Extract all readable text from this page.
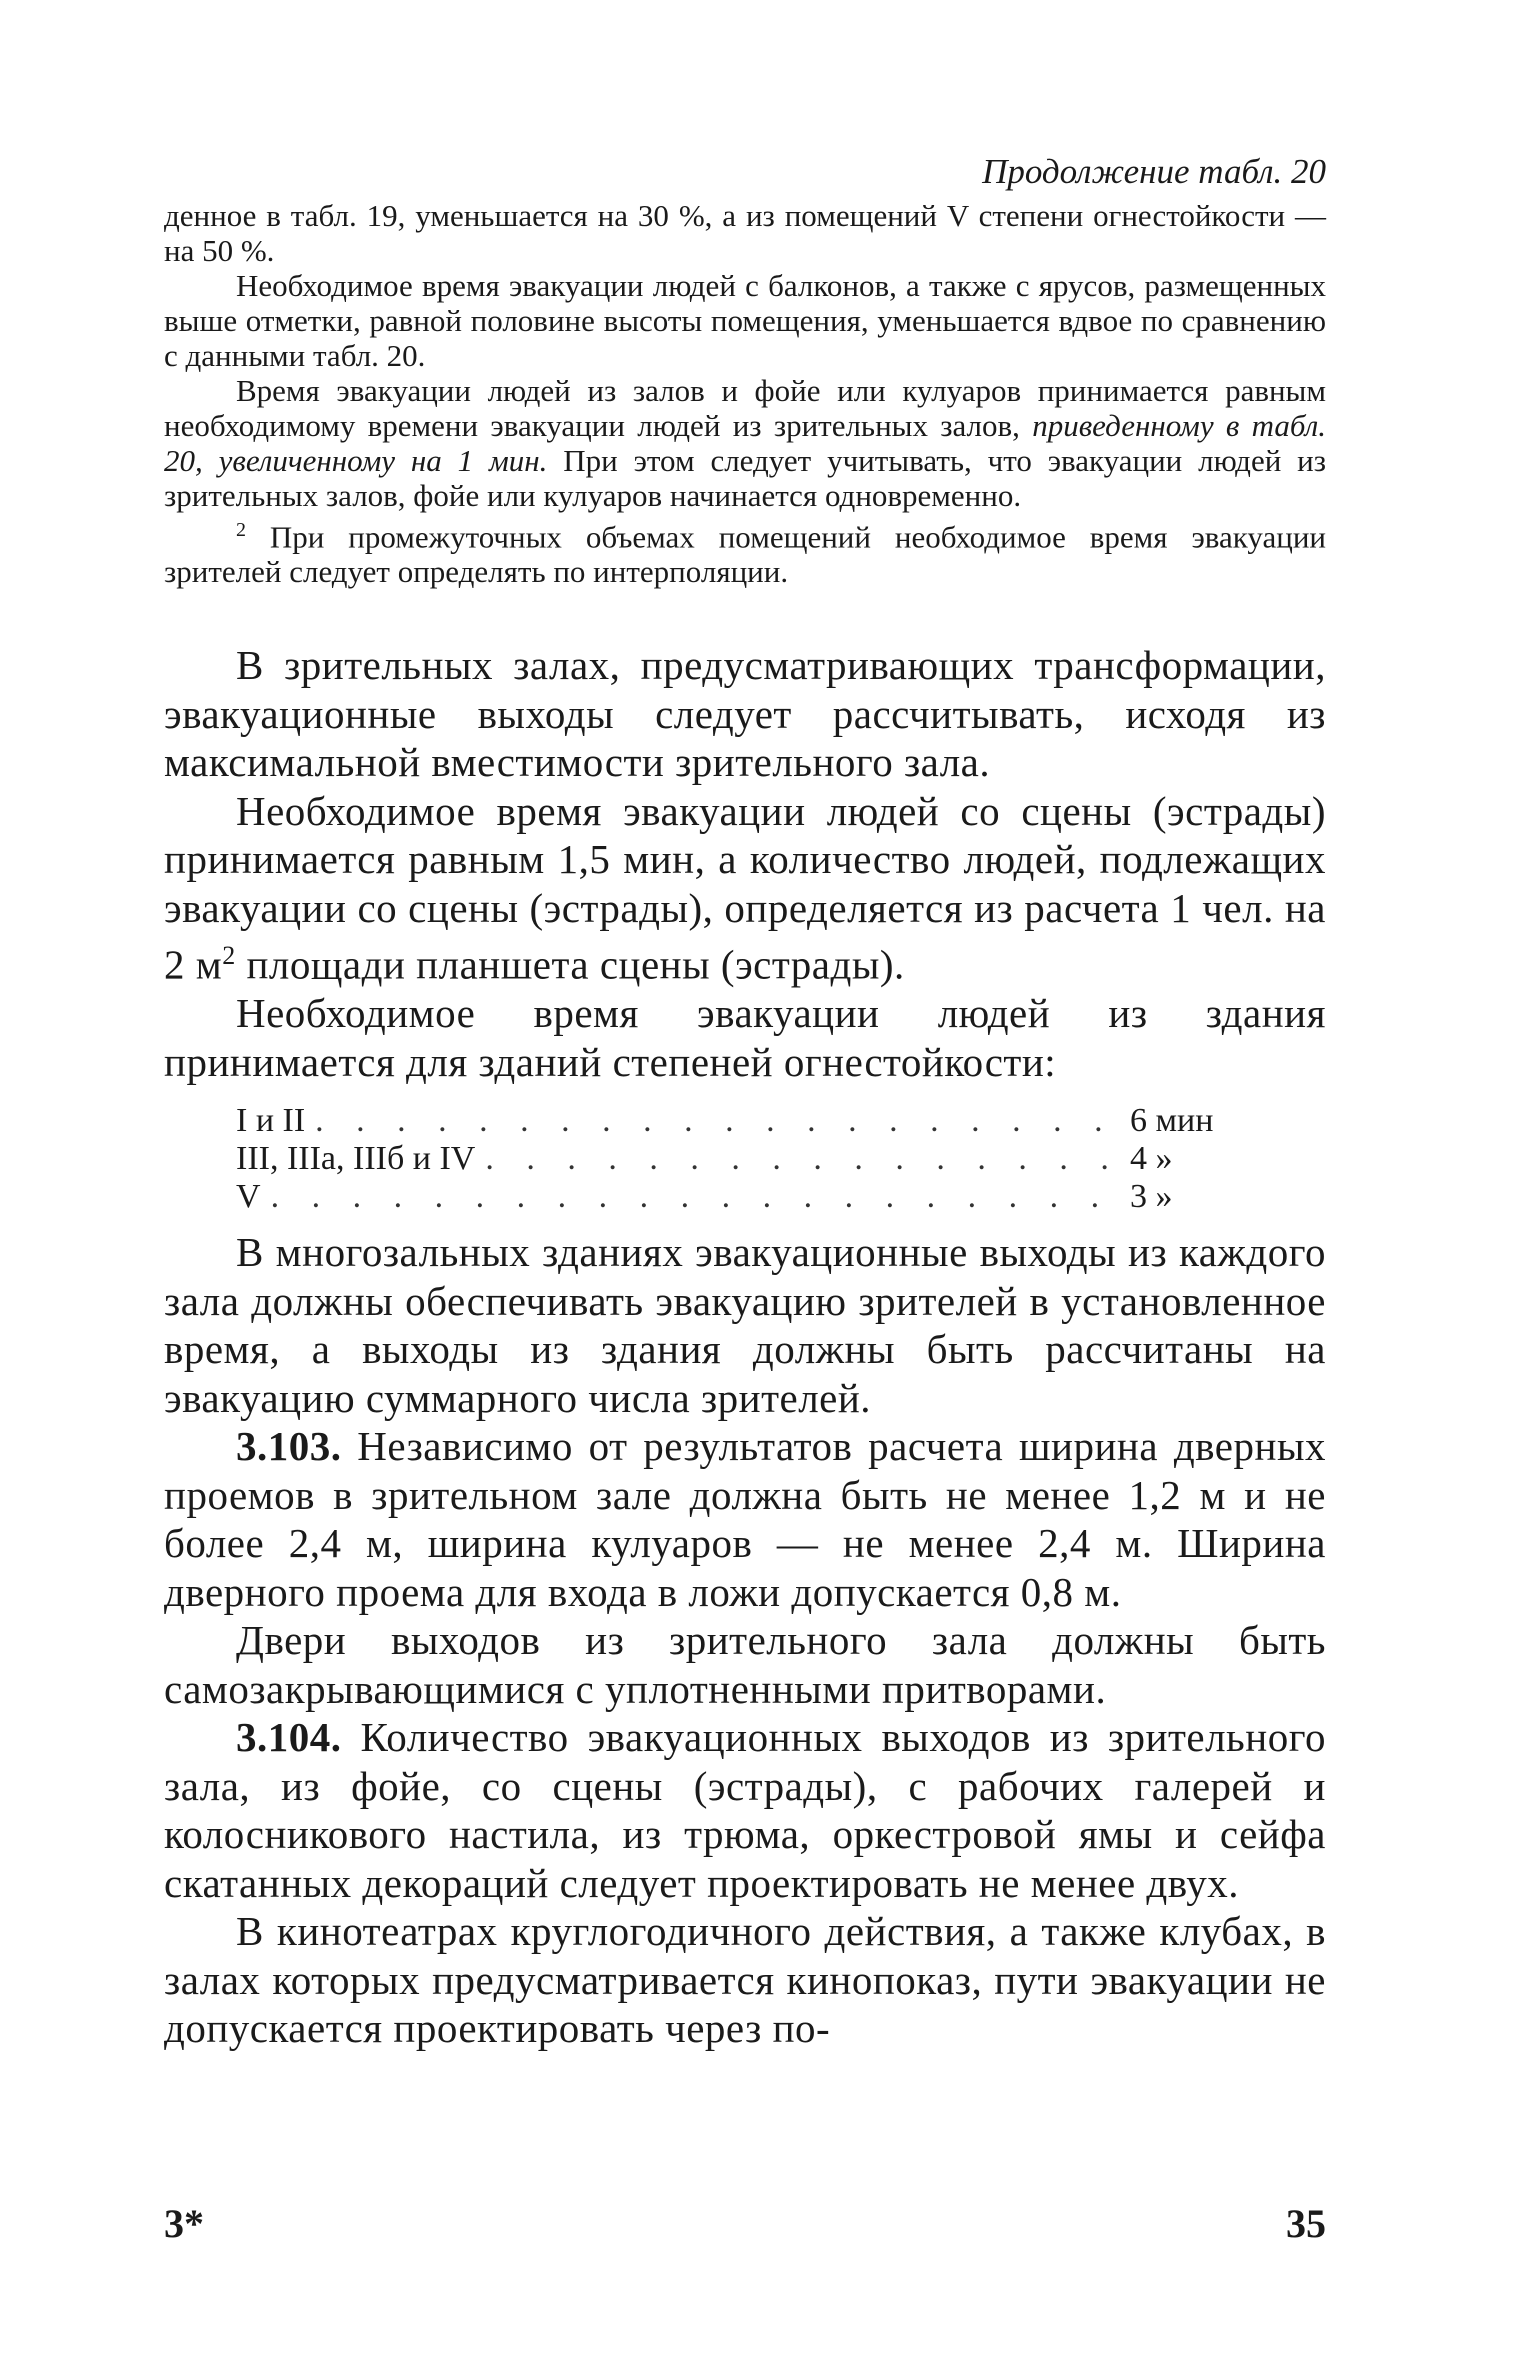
Продолжение табл. 20

денное в табл. 19, уменьшается на 30 %, а из помещений V степени огнестойкости — на 50 %.

Необходимое время эвакуации людей с балконов, а также с ярусов, размещенных выше отметки, равной половине высоты помещения, уменьшается вдвое по сравнению с данными табл. 20.

Время эвакуации людей из залов и фойе или кулуаров принимается равным необходимому времени эвакуации людей из зрительных залов, приведенному в табл. 20, увеличенному на 1 мин. При этом следует учитывать, что эвакуации людей из зрительных залов, фойе или кулуаров начинается одновременно.

$^2$ При промежуточных объемах помещений необходимое время эвакуации зрителей следует определять по интерполяции.

В зрительных залах, предусматривающих трансформации, эвакуационные выходы следует рассчитывать, исходя из максимальной вместимости зрительного зала.

Необходимое время эвакуации людей со сцены (эстрады) принимается равным 1,5 мин, а количество людей, подлежащих эвакуации со сцены (эстрады), определяется из расчета 1 чел. на 2 $м^2$ площади планшета сцены (эстрады).

Необходимое время эвакуации людей из здания принимается для зданий степеней огнестойкости:

I и II . . .	6 мин
III, IIIа, IIIб и IV . . .	4 »
V . . .	3 »

В многозальных зданиях эвакуационные выходы из каждого зала должны обеспечивать эвакуацию зрителей в установленное время, а выходы из здания должны быть рассчитаны на эвакуацию суммарного числа зрителей.

3.103. Независимо от результатов расчета ширина дверных проемов в зрительном зале должна быть не менее 1,2 м и не более 2,4 м, ширина кулуаров — не менее 2,4 м. Ширина дверного проема для входа в ложи допускается 0,8 м.

Двери выходов из зрительного зала должны быть самозакрывающимися с уплотненными притворами.

3.104. Количество эвакуационных выходов из зрительного зала, из фойе, со сцены (эстрады), с рабочих галерей и колосникового настила, из трюма, оркестровой ямы и сейфа скатанных декораций следует проектировать не менее двух.

В кинотеатрах круглогодичного действия, а также клубах, в залах которых предусматривается кинопоказ, пути эвакуации не допускается проектировать через по-

3*	35
